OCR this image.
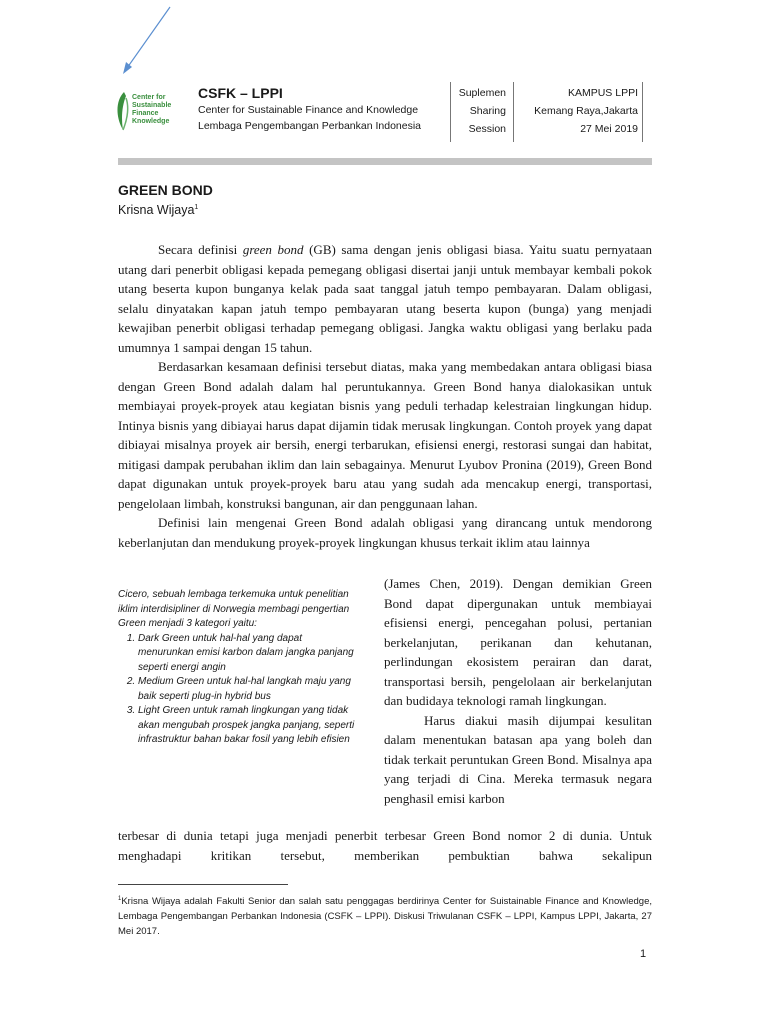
Center for
Sustainable
Finance
Knowledge

CSFK – LPPI

Center for Sustainable Finance and Knowledge

Lembaga Pengembangan Perbankan Indonesia

Suplemen
Sharing
Session
KAMPUS LPPI
Kemang Raya,Jakarta
27 Mei 2019

GREEN BOND

Krisna Wijaya$^1$

Secara definisi green bond (GB) sama dengan jenis obligasi biasa. Yaitu suatu pernyataan utang dari penerbit obligasi kepada pemegang obligasi disertai janji untuk membayar kembali pokok utang beserta kupon bunganya kelak pada saat tanggal jatuh tempo pembayaran. Dalam obligasi, selalu dinyatakan kapan jatuh tempo pembayaran utang beserta kupon (bunga) yang menjadi kewajiban penerbit obligasi terhadap pemegang obligasi. Jangka waktu obligasi yang berlaku pada umumnya 1 sampai dengan 15 tahun.

Berdasarkan kesamaan definisi tersebut diatas, maka yang membedakan antara obligasi biasa dengan Green Bond adalah dalam hal peruntukannya. Green Bond hanya dialokasikan untuk membiayai proyek-proyek atau kegiatan bisnis yang peduli terhadap kelestraian lingkungan hidup. Intinya bisnis yang dibiayai harus dapat dijamin tidak merusak lingkungan. Contoh proyek yang dapat dibiayai misalnya proyek air bersih, energi terbarukan, efisiensi energi, restorasi sungai dan habitat, mitigasi dampak perubahan iklim dan lain sebagainya. Menurut Lyubov Pronina (2019), Green Bond dapat digunakan untuk proyek-proyek baru atau yang sudah ada mencakup energi, transportasi, pengelolaan limbah, konstruksi bangunan, air dan penggunaan lahan.

Definisi lain mengenai Green Bond adalah obligasi yang dirancang untuk mendorong keberlanjutan dan mendukung proyek-proyek lingkungan khusus terkait iklim atau lainnya

(James Chen, 2019). Dengan demikian Green Bond dapat dipergunakan untuk membiayai efisiensi energi, pencegahan polusi, pertanian berkelanjutan, perikanan dan kehutanan, perlindungan ekosistem perairan dan darat, transportasi bersih, pengelolaan air berkelanjutan dan budidaya teknologi ramah lingkungan.

Harus diakui masih dijumpai kesulitan dalam menentukan batasan apa yang boleh dan tidak terkait peruntukan Green Bond. Misalnya apa yang terjadi di Cina. Mereka termasuk negara penghasil emisi karbon

Cicero, sebuah lembaga terkemuka untuk penelitian iklim interdisipliner di Norwegia membagi pengertian Green menjadi 3 kategori yaitu:

1. Dark Green untuk hal-hal yang dapat menurunkan emisi karbon dalam jangka panjang seperti energi angin
2. Medium Green untuk hal-hal langkah maju yang baik seperti plug-in hybrid bus
3. Light Green untuk ramah lingkungan yang tidak akan mengubah prospek jangka panjang, seperti infrastruktur bahan bakar fosil yang lebih efisien

terbesar di dunia tetapi juga menjadi penerbit terbesar Green Bond nomor 2 di dunia. Untuk menghadapi kritikan tersebut, memberikan pembuktian bahwa sekalipun

$^1$Krisna Wijaya adalah Fakulti Senior dan salah satu penggagas berdirinya Center for Suistainable Finance and Knowledge, Lembaga Pengembangan Perbankan Indonesia (CSFK – LPPI). Diskusi Triwulanan CSFK – LPPI, Kampus LPPI, Jakarta, 27 Mei 2017.

1
